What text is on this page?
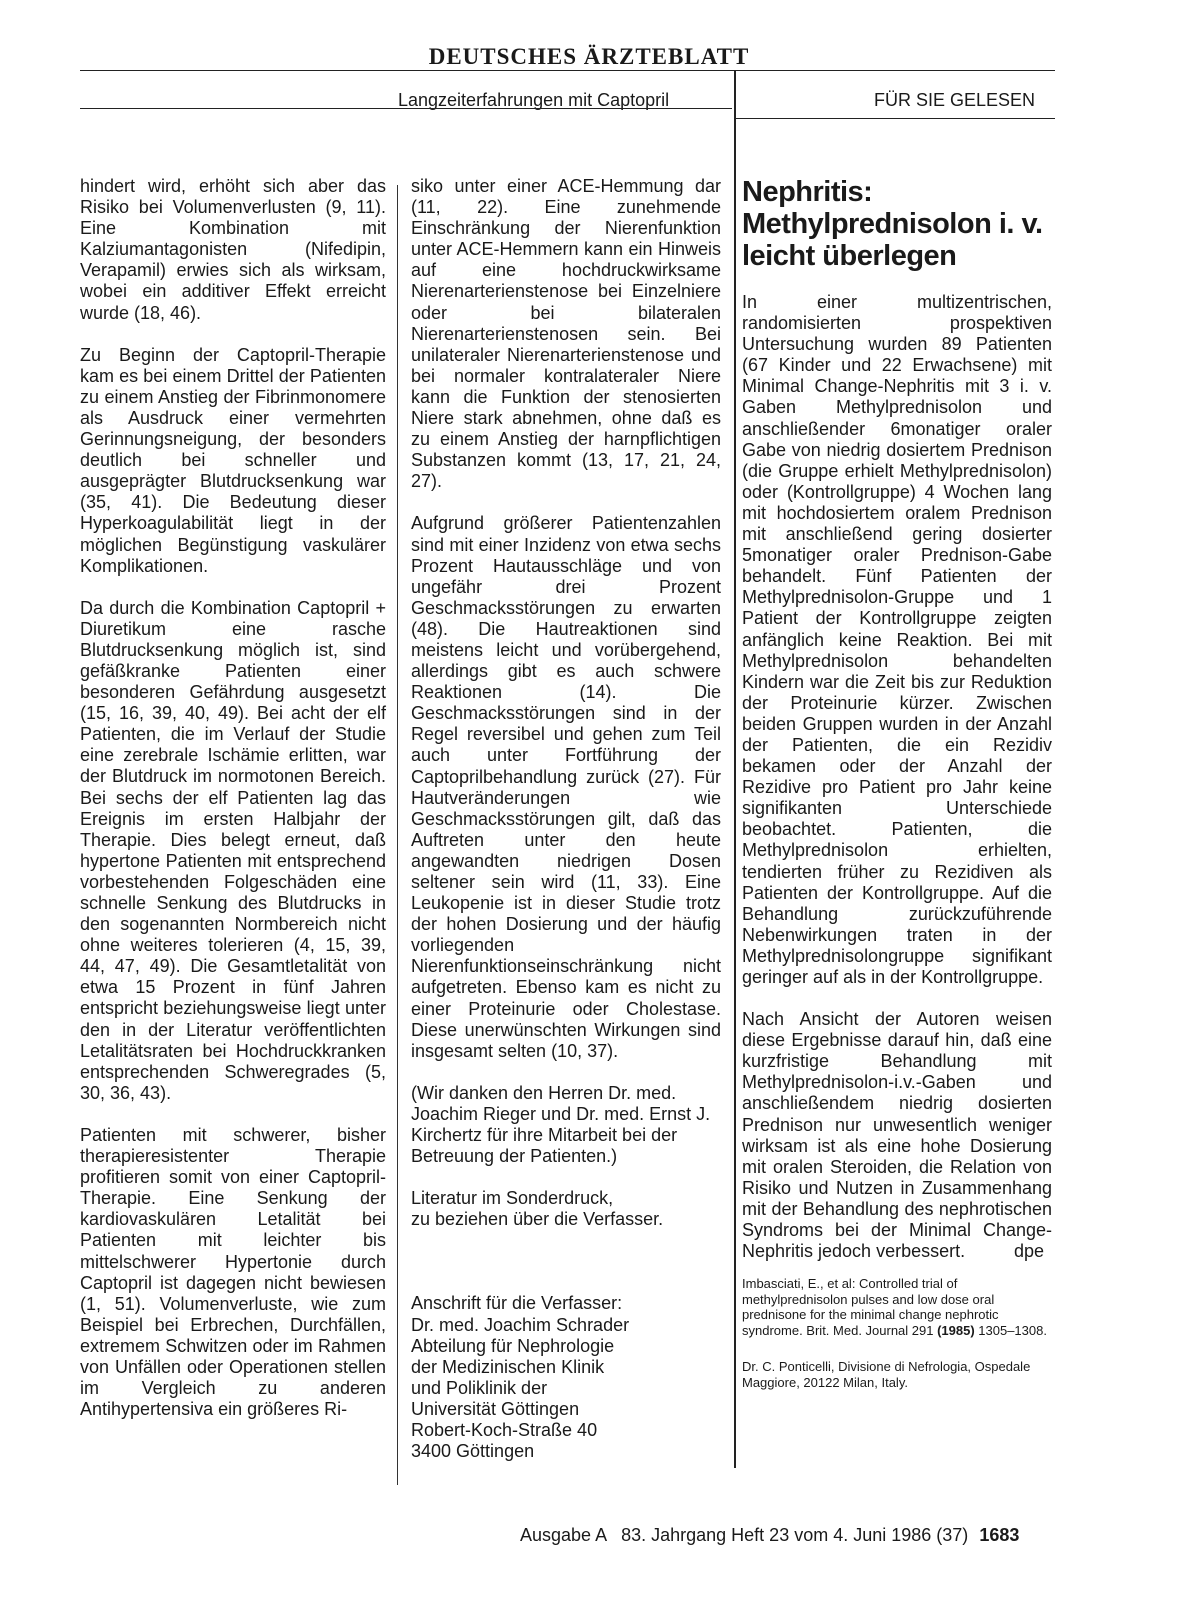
DEUTSCHES ÄRZTEBLATT
Langzeiterfahrungen mit Captopril	FÜR SIE GELESEN

hindert wird, erhöht sich aber das Risiko bei Volumenverlusten (9, 11). Eine Kombination mit Kalziumantagonisten (Nifedipin, Verapamil) erwies sich als wirksam, wobei ein additiver Effekt erreicht wurde (18, 46).

Zu Beginn der Captopril-Therapie kam es bei einem Drittel der Patienten zu einem Anstieg der Fibrinmonomere als Ausdruck einer vermehrten Gerinnungsneigung, der besonders deutlich bei schneller und ausgeprägter Blutdrucksenkung war (35, 41). Die Bedeutung dieser Hyperkoagulabilität liegt in der möglichen Begünstigung vaskulärer Komplikationen.

Da durch die Kombination Captopril + Diuretikum eine rasche Blutdrucksenkung möglich ist, sind gefäßkranke Patienten einer besonderen Gefährdung ausgesetzt (15, 16, 39, 40, 49). Bei acht der elf Patienten, die im Verlauf der Studie eine zerebrale Ischämie erlitten, war der Blutdruck im normotonen Bereich. Bei sechs der elf Patienten lag das Ereignis im ersten Halbjahr der Therapie. Dies belegt erneut, daß hypertone Patienten mit entsprechend vorbestehenden Folgeschäden eine schnelle Senkung des Blutdrucks in den sogenannten Normbereich nicht ohne weiteres tolerieren (4, 15, 39, 44, 47, 49). Die Gesamtletalität von etwa 15 Prozent in fünf Jahren entspricht beziehungsweise liegt unter den in der Literatur veröffentlichten Letalitätsraten bei Hochdruckkranken entsprechenden Schweregrades (5, 30, 36, 43).

Patienten mit schwerer, bisher therapieresistenter Therapie profitieren somit von einer Captopril-Therapie. Eine Senkung der kardiovaskulären Letalität bei Patienten mit leichter bis mittelschwerer Hypertonie durch Captopril ist dagegen nicht bewiesen (1, 51). Volumenverluste, wie zum Beispiel bei Erbrechen, Durchfällen, extremem Schwitzen oder im Rahmen von Unfällen oder Operationen stellen im Vergleich zu anderen Antihypertensiva ein größeres Ri-

siko unter einer ACE-Hemmung dar (11, 22). Eine zunehmende Einschränkung der Nierenfunktion unter ACE-Hemmern kann ein Hinweis auf eine hochdruckwirksame Nierenarterienstenose bei Einzelniere oder bei bilateralen Nierenarterienstenosen sein. Bei unilateraler Nierenarterienstenose und bei normaler kontralateraler Niere kann die Funktion der stenosierten Niere stark abnehmen, ohne daß es zu einem Anstieg der harnpflichtigen Substanzen kommt (13, 17, 21, 24, 27).

Aufgrund größerer Patientenzahlen sind mit einer Inzidenz von etwa sechs Prozent Hautausschläge und von ungefähr drei Prozent Geschmacksstörungen zu erwarten (48). Die Hautreaktionen sind meistens leicht und vorübergehend, allerdings gibt es auch schwere Reaktionen (14). Die Geschmacksstörungen sind in der Regel reversibel und gehen zum Teil auch unter Fortführung der Captoprilbehandlung zurück (27). Für Hautveränderungen wie Geschmacksstörungen gilt, daß das Auftreten unter den heute angewandten niedrigen Dosen seltener sein wird (11, 33). Eine Leukopenie ist in dieser Studie trotz der hohen Dosierung und der häufig vorliegenden Nierenfunktionseinschränkung nicht aufgetreten. Ebenso kam es nicht zu einer Proteinurie oder Cholestase. Diese unerwünschten Wirkungen sind insgesamt selten (10, 37).

(Wir danken den Herren Dr. med. Joachim Rieger und Dr. med. Ernst J. Kirchertz für ihre Mitarbeit bei der Betreuung der Patienten.)

Literatur im Sonderdruck,

zu beziehen über die Verfasser.

Anschrift für die Verfasser:

Dr. med. Joachim Schrader

Abteilung für Nephrologie

der Medizinischen Klinik

und Poliklinik der

Universität Göttingen

Robert-Koch-Straße 40

3400 Göttingen

Nephritis:
Methylprednisolon i. v.
leicht überlegen

In einer multizentrischen, randomisierten prospektiven Untersuchung wurden 89 Patienten (67 Kinder und 22 Erwachsene) mit Minimal Change-Nephritis mit 3 i. v. Gaben Methylprednisolon und anschließender 6monatiger oraler Gabe von niedrig dosiertem Prednison (die Gruppe erhielt Methylprednisolon) oder (Kontrollgruppe) 4 Wochen lang mit hochdosiertem oralem Prednison mit anschließend gering dosierter 5monatiger oraler Prednison-Gabe behandelt. Fünf Patienten der Methylprednisolon-Gruppe und 1 Patient der Kontrollgruppe zeigten anfänglich keine Reaktion. Bei mit Methylprednisolon behandelten Kindern war die Zeit bis zur Reduktion der Proteinurie kürzer. Zwischen beiden Gruppen wurden in der Anzahl der Patienten, die ein Rezidiv bekamen oder der Anzahl der Rezidive pro Patient pro Jahr keine signifikanten Unterschiede beobachtet. Patienten, die Methylprednisolon erhielten, tendierten früher zu Rezidiven als Patienten der Kontrollgruppe. Auf die Behandlung zurückzuführende Nebenwirkungen traten in der Methylprednisolongruppe signifikant geringer auf als in der Kontrollgruppe.

Nach Ansicht der Autoren weisen diese Ergebnisse darauf hin, daß eine kurzfristige Behandlung mit Methylprednisolon-i.v.-Gaben und anschließendem niedrig dosierten Prednison nur unwesentlich weniger wirksam ist als eine hohe Dosierung mit oralen Steroiden, die Relation von Risiko und Nutzen in Zusammenhang mit der Behandlung des nephrotischen Syndroms bei der Minimal Change-Nephritis jedoch verbessert.	dpe

Imbasciati, E., et al: Controlled trial of methylprednisolon pulses and low dose oral prednisone for the minimal change nephrotic syndrome. Brit. Med. Journal 291 (1985) 1305–1308.

Dr. C. Ponticelli, Divisione di Nefrologia, Ospedale Maggiore, 20122 Milan, Italy.

Ausgabe A   83. Jahrgang Heft 23 vom 4. Juni 1986 (37) 1683
